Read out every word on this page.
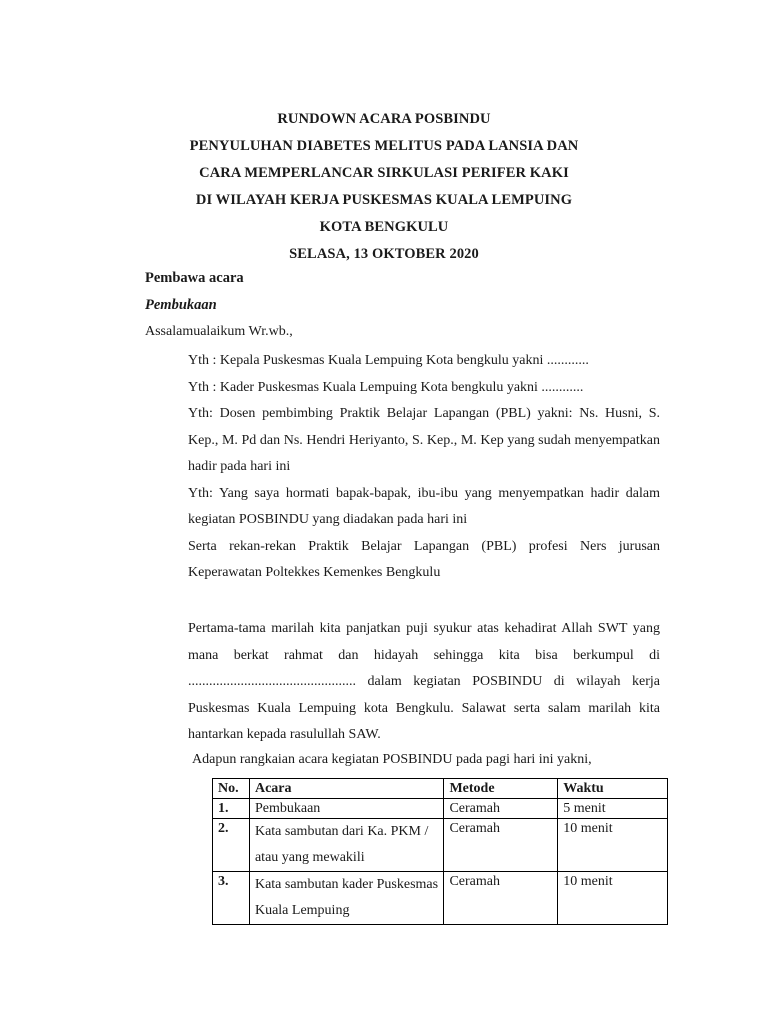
RUNDOWN ACARA POSBINDU
PENYULUHAN DIABETES MELITUS PADA LANSIA DAN
CARA MEMPERLANCAR SIRKULASI PERIFER KAKI
DI WILAYAH KERJA PUSKESMAS KUALA LEMPUING
KOTA BENGKULU
SELASA, 13 OKTOBER 2020
Pembawa acara
Pembukaan
Assalamualaikum Wr.wb.,

Yth : Kepala Puskesmas Kuala Lempuing Kota bengkulu yakni ............

Yth : Kader Puskesmas Kuala Lempuing Kota bengkulu yakni ............

Yth: Dosen pembimbing Praktik Belajar Lapangan (PBL) yakni: Ns. Husni, S. Kep., M. Pd dan Ns. Hendri Heriyanto, S. Kep., M. Kep yang sudah menyempatkan hadir pada hari ini

Yth: Yang saya hormati bapak-bapak, ibu-ibu yang menyempatkan hadir dalam kegiatan POSBINDU yang diadakan pada hari ini

Serta rekan-rekan Praktik Belajar Lapangan (PBL) profesi Ners jurusan Keperawatan Poltekkes Kemenkes Bengkulu

Pertama-tama marilah kita panjatkan puji syukur atas kehadirat Allah SWT yang mana berkat rahmat dan hidayah sehingga kita bisa berkumpul di ................................................ dalam kegiatan POSBINDU di wilayah kerja Puskesmas Kuala Lempuing kota Bengkulu. Salawat serta salam marilah kita hantarkan kepada rasulullah SAW.

Adapun rangkaian acara kegiatan POSBINDU pada pagi hari ini yakni,
No.	Acara	Metode	Waktu
1.	Pembukaan	Ceramah	5 menit
2.	Kata sambutan dari Ka. PKM / atau yang mewakili	Ceramah	10 menit
3.	Kata sambutan kader Puskesmas Kuala Lempuing	Ceramah	10 menit
